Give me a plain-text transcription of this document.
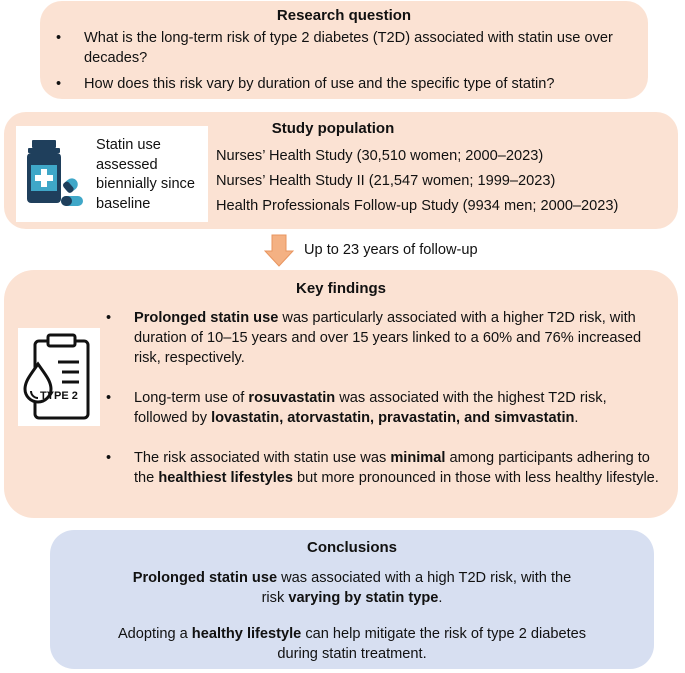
Research question
• What is the long-term risk of type 2 diabetes (T2D) associated with statin use over decades?
• How does this risk vary by duration of use and the specific type of statin?
Statin use assessed biennially since baseline
Study population
Nurses’ Health Study (30,510 women; 2000–2023)
Nurses’ Health Study II (21,547 women; 1999–2023)
Health Professionals Follow-up Study (9934 men; 2000–2023)
Up to 23 years of follow-up
Key findings
TYPE 2
• Prolonged statin use was particularly associated with a higher T2D risk, with duration of 10–15 years and over 15 years linked to a 60% and 76% increased risk, respectively.
• Long-term use of rosuvastatin was associated with the highest T2D risk, followed by lovastatin, atorvastatin, pravastatin, and simvastatin.
• The risk associated with statin use was minimal among participants adhering to the healthiest lifestyles but more pronounced in those with less healthy lifestyle.
Conclusions

Prolonged statin use was associated with a high T2D risk, with the risk varying by statin type.

Adopting a healthy lifestyle can help mitigate the risk of type 2 diabetes during statin treatment.
